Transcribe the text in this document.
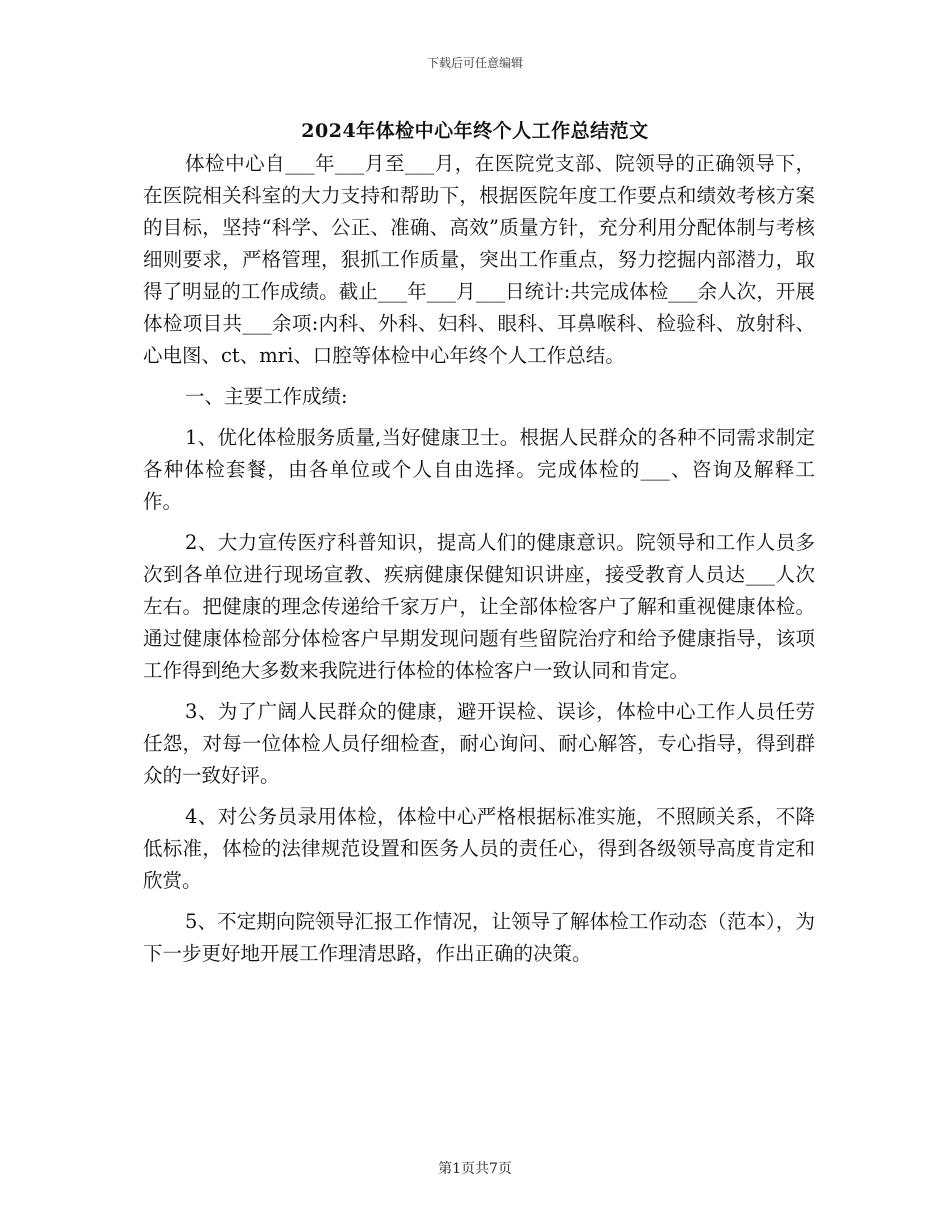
下载后可任意编辑
2024年体检中心年终个人工作总结范文

体检中心自___年___月至___月，在医院党支部、院领导的正确领导下，在医院相关科室的大力支持和帮助下，根据医院年度工作要点和绩效考核方案的目标，坚持“科学、公正、准确、高效”质量方针，充分利用分配体制与考核细则要求，严格管理，狠抓工作质量，突出工作重点，努力挖掘内部潜力，取得了明显的工作成绩。截止___年___月___日统计:共完成体检___余人次，开展体检项目共___余项:内科、外科、妇科、眼科、耳鼻喉科、检验科、放射科、心电图、ct、mri、口腔等体检中心年终个人工作总结。

一、主要工作成绩:

1、优化体检服务质量,当好健康卫士。根据人民群众的各种不同需求制定各种体检套餐，由各单位或个人自由选择。完成体检的___、咨询及解释工作。

2、大力宣传医疗科普知识，提高人们的健康意识。院领导和工作人员多次到各单位进行现场宣教、疾病健康保健知识讲座，接受教育人员达___人次左右。把健康的理念传递给千家万户，让全部体检客户了解和重视健康体检。通过健康体检部分体检客户早期发现问题有些留院治疗和给予健康指导，该项工作得到绝大多数来我院进行体检的体检客户一致认同和肯定。

3、为了广阔人民群众的健康，避开误检、误诊，体检中心工作人员任劳任怨，对每一位体检人员仔细检查，耐心询问、耐心解答，专心指导，得到群众的一致好评。

4、对公务员录用体检，体检中心严格根据标准实施，不照顾关系，不降低标准，体检的法律规范设置和医务人员的责任心，得到各级领导高度肯定和欣赏。

5、不定期向院领导汇报工作情况，让领导了解体检工作动态（范本），为下一步更好地开展工作理清思路，作出正确的决策。

第1页共7页
